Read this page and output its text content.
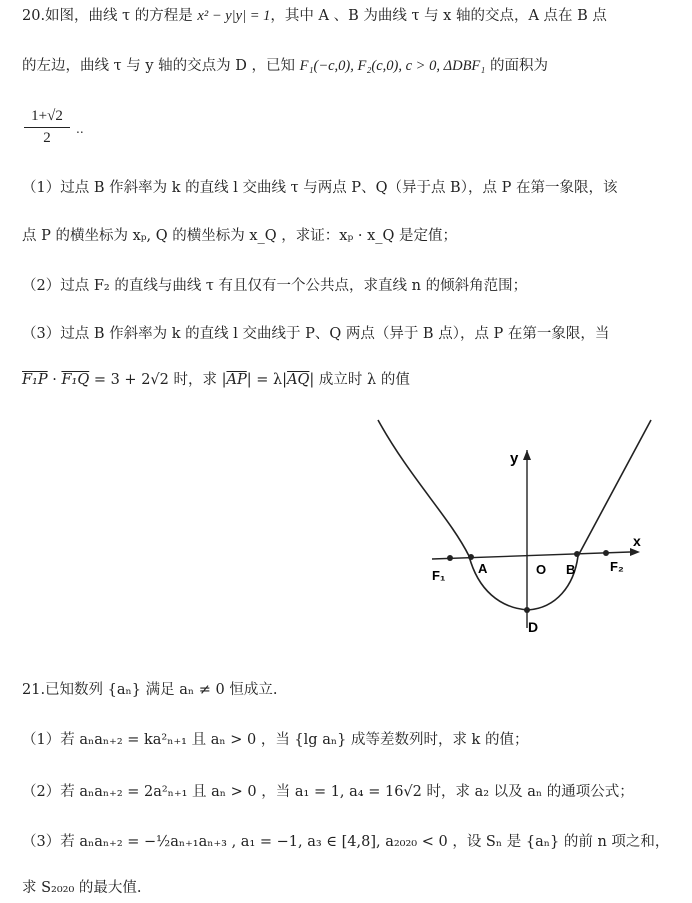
20.如图，曲线 τ 的方程是 x² − y|y| = 1，其中 A 、B 为曲线 τ 与 x 轴的交点，A 点在 B 点
的左边，曲线 τ 与 y 轴的交点为 D ，已知 F₁(−c,0), F₂(c,0), c > 0, ΔDBF₁ 的面积为
$\frac{1+√2}{2}$ ..
（1）过点 B 作斜率为 k 的直线 l 交曲线 τ 与两点 P、Q（异于点 B），点 P 在第一象限，该
点 P 的横坐标为 xₚ, Q 的横坐标为 x_Q ，求证：xₚ · x_Q 是定值；
（2）过点 F₂ 的直线与曲线 τ 有且仅有一个公共点，求直线 n 的倾斜角范围；
（3）过点 B 作斜率为 k 的直线 l 交曲线于 P、Q 两点（异于 B 点），点 P 在第一象限，当
F₁P · F₁Q = 3 + 2√2 时，求 $|\overline{AP}| = \lambda|\overline{AQ}|$ 成立时 λ 的值
y
x
F₁	A	O B	F₂
D
21.已知数列 {aₙ} 满足 aₙ ≠ 0 恒成立.
（1）若 aₙaₙ₊₂ = ka²ₙ₊₁ 且 aₙ > 0 ，当 {lg aₙ} 成等差数列时，求 k 的值；
（2）若 aₙaₙ₊₂ = 2a²ₙ₊₁ 且 aₙ > 0 ，当 a₁ = 1, a₄ = 16√2 时，求 a₂ 以及 aₙ 的通项公式；
（3）若 aₙaₙ₊₂ = −½aₙ₊₁aₙ₊₃ , a₁ = −1, a₃ ∈ [4,8], a₂₀₂₀ < 0 ，设 Sₙ 是 {aₙ} 的前 n 项之和，
求 S₂₀₂₀ 的最大值.
